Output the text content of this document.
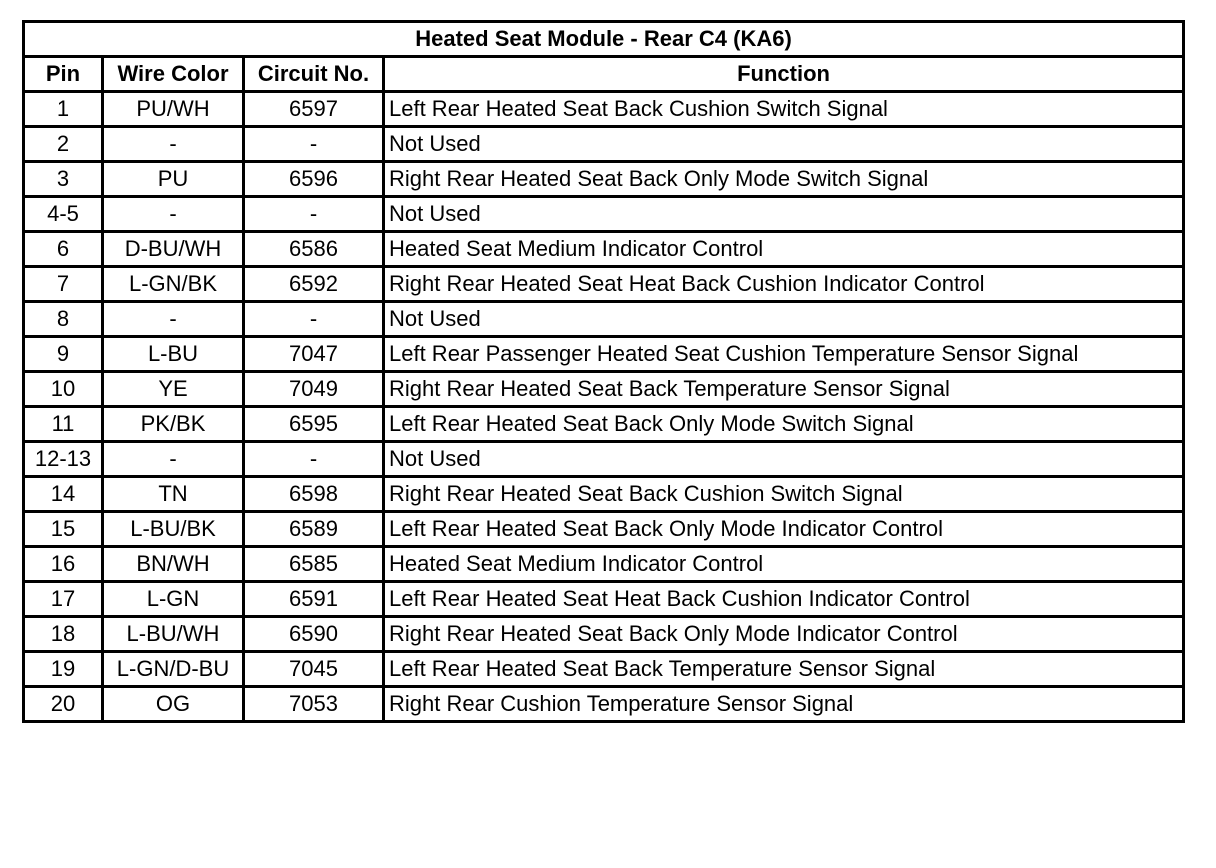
Heated Seat Module - Rear C4 (KA6)			
Pin	Wire Color	Circuit No.	Function
1	PU/WH	6597	Left Rear Heated Seat Back Cushion Switch Signal
2	-	-	Not Used
3	PU	6596	Right Rear Heated Seat Back Only Mode Switch Signal
4-5	-	-	Not Used
6	D-BU/WH	6586	Heated Seat Medium Indicator Control
7	L-GN/BK	6592	Right Rear Heated Seat Heat Back Cushion Indicator Control
8	-	-	Not Used
9	L-BU	7047	Left Rear Passenger Heated Seat Cushion Temperature Sensor Signal
10	YE	7049	Right Rear Heated Seat Back Temperature Sensor Signal
11	PK/BK	6595	Left Rear Heated Seat Back Only Mode Switch Signal
12-13	-	-	Not Used
14	TN	6598	Right Rear Heated Seat Back Cushion Switch Signal
15	L-BU/BK	6589	Left Rear Heated Seat Back Only Mode Indicator Control
16	BN/WH	6585	Heated Seat Medium Indicator Control
17	L-GN	6591	Left Rear Heated Seat Heat Back Cushion Indicator Control
18	L-BU/WH	6590	Right Rear Heated Seat Back Only Mode Indicator Control
19	L-GN/D-BU	7045	Left Rear Heated Seat Back Temperature Sensor Signal
20	OG	7053	Right Rear Cushion Temperature Sensor Signal
